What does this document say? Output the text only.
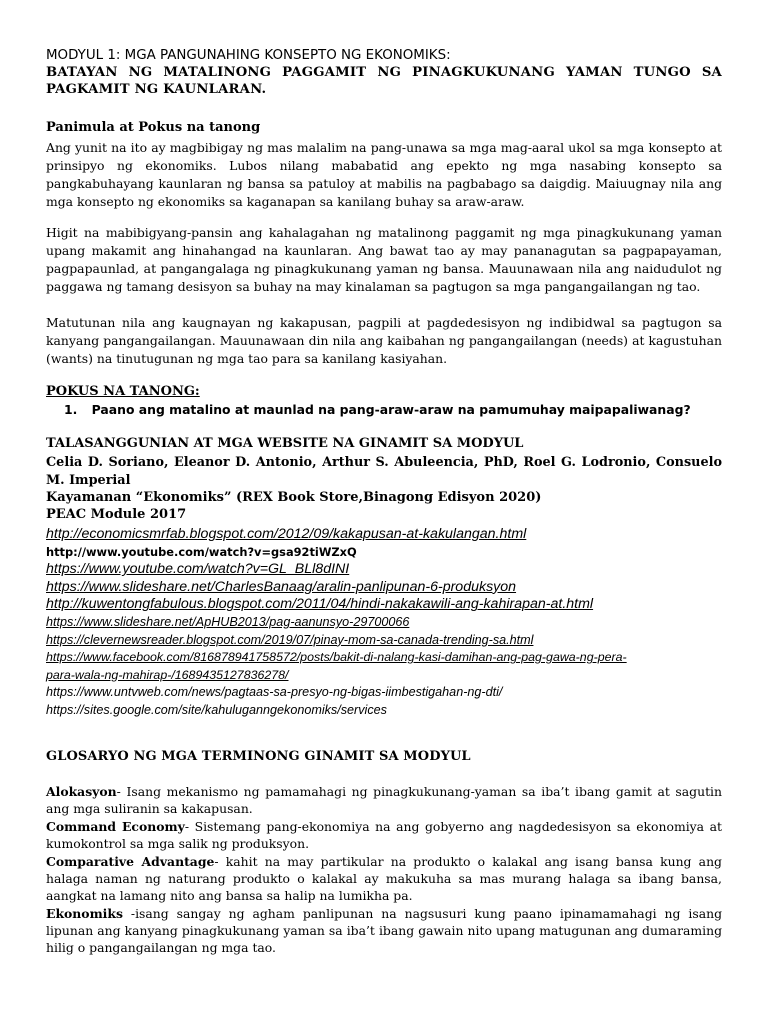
MODYUL 1: MGA PANGUNAHING KONSEPTO NG EKONOMIKS:
BATAYAN NG MATALINONG PAGGAMIT NG PINAGKUKUNANG YAMAN TUNGO SA
PAGKAMIT NG KAUNLARAN.
Panimula at Pokus na tanong

Ang yunit na ito ay magbibigay ng mas malalim na pang-unawa sa mga mag-aaral ukol sa mga konsepto at prinsipyo ng ekonomiks. Lubos nilang mababatid ang epekto ng mga nasabing konsepto sa pangkabuhayang kaunlaran ng bansa sa patuloy at mabilis na pagbabago sa daigdig. Maiuugnay nila ang mga konsepto ng ekonomiks sa kaganapan sa kanilang buhay sa araw-araw.

Higit na mabibigyang-pansin ang kahalagahan ng matalinong paggamit ng mga pinagkukunang yaman upang makamit ang hinahangad na kaunlaran. Ang bawat tao ay may pananagutan sa pagpapayaman, pagpapaunlad, at pangangalaga ng pinagkukunang yaman ng bansa. Mauunawaan nila ang naidudulot ng paggawa ng tamang desisyon sa buhay na may kinalaman sa pagtugon sa mga pangangailangan ng tao.

Matutunan nila ang kaugnayan ng kakapusan, pagpili at pagdedesisyon ng indibidwal sa pagtugon sa kanyang pangangailangan. Mauunawaan din nila ang kaibahan ng pangangailangan (needs) at kagustuhan (wants) na tinutugunan ng mga tao para sa kanilang kasiyahan.

POKUS NA TANONG:
1. Paano ang matalino at maunlad na pang-araw-araw na pamumuhay maipapaliwanag?
TALASANGGUNIAN AT MGA WEBSITE NA GINAMIT SA MODYUL
Celia D. Soriano, Eleanor D. Antonio, Arthur S. Abuleencia, PhD, Roel G. Lodronio, Consuelo M. Imperial
Kayamanan “Ekonomiks” (REX Book Store,Binagong Edisyon 2020)
PEAC Module 2017
http://economicsmrfab.blogspot.com/2012/09/kakapusan-at-kakulangan.html
http://www.youtube.com/watch?v=gsa92tiWZxQ
https://www.youtube.com/watch?v=GL_BLl8dINI
https://www.slideshare.net/CharlesBanaag/aralin-panlipunan-6-produksyon
http://kuwentongfabulous.blogspot.com/2011/04/hindi-nakakawili-ang-kahirapan-at.html
https://www.slideshare.net/ApHUB2013/pag-aanunsyo-29700066
https://clevernewsreader.blogspot.com/2019/07/pinay-mom-sa-canada-trending-sa.html
https://www.facebook.com/816878941758572/posts/bakit-di-nalang-kasi-damihan-ang-pag-gawa-ng-pera-
para-wala-ng-mahirap-/1689435127836278/
https://www.untvweb.com/news/pagtaas-sa-presyo-ng-bigas-iimbestigahan-ng-dti/
https://sites.google.com/site/kahuluganngekonomiks/services
GLOSARYO NG MGA TERMINONG GINAMIT SA MODYUL

Alokasyon- Isang mekanismo ng pamamahagi ng pinagkukunang-yaman sa iba’t ibang gamit at sagutin ang mga suliranin sa kakapusan.

Command Economy- Sistemang pang-ekonomiya na ang gobyerno ang nagdedesisyon sa ekonomiya at kumokontrol sa mga salik ng produksyon.

Comparative Advantage- kahit na may partikular na produkto o kalakal ang isang bansa kung ang halaga naman ng naturang produkto o kalakal ay makukuha sa mas murang halaga sa ibang bansa, aangkat na lamang nito ang bansa sa halip na lumikha pa.

Ekonomiks -isang sangay ng agham panlipunan na nagsusuri kung paano ipinamamahagi ng isang lipunan ang kanyang pinagkukunang yaman sa iba’t ibang gawain nito upang matugunan ang dumaraming hilig o pangangailangan ng mga tao.
